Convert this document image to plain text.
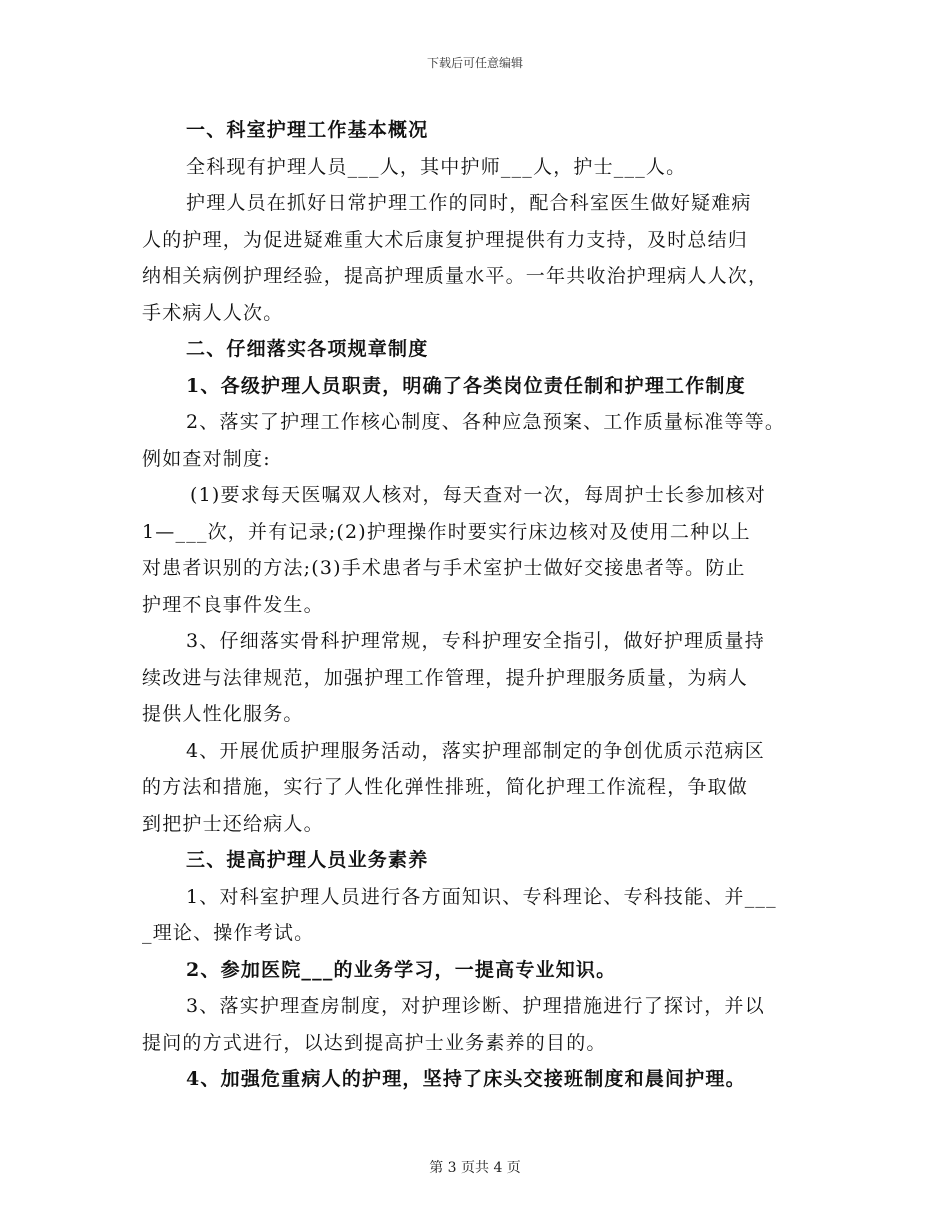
下载后可任意编辑
一、科室护理工作基本概况
全科现有护理人员___人，其中护师___人，护士___人。
护理人员在抓好日常护理工作的同时，配合科室医生做好疑难病
人的护理，为促进疑难重大术后康复护理提供有力支持，及时总结归
纳相关病例护理经验，提高护理质量水平。一年共收治护理病人人次，
手术病人人次。
二、仔细落实各项规章制度
1、各级护理人员职责，明确了各类岗位责任制和护理工作制度
2、落实了护理工作核心制度、各种应急预案、工作质量标准等等。
例如查对制度:
(1)要求每天医嘱双人核对，每天查对一次，每周护士长参加核对
1—___次，并有记录;(2)护理操作时要实行床边核对及使用二种以上
对患者识别的方法;(3)手术患者与手术室护士做好交接患者等。防止
护理不良事件发生。
3、仔细落实骨科护理常规，专科护理安全指引，做好护理质量持
续改进与法律规范，加强护理工作管理，提升护理服务质量，为病人
提供人性化服务。
4、开展优质护理服务活动，落实护理部制定的争创优质示范病区
的方法和措施，实行了人性化弹性排班，简化护理工作流程，争取做
到把护士还给病人。
三、提高护理人员业务素养
1、对科室护理人员进行各方面知识、专科理论、专科技能、并___
_理论、操作考试。
2、参加医院___的业务学习，一提高专业知识。
3、落实护理查房制度，对护理诊断、护理措施进行了探讨，并以
提问的方式进行，以达到提高护士业务素养的目的。
4、加强危重病人的护理，坚持了床头交接班制度和晨间护理。
第 3 页共 4 页
